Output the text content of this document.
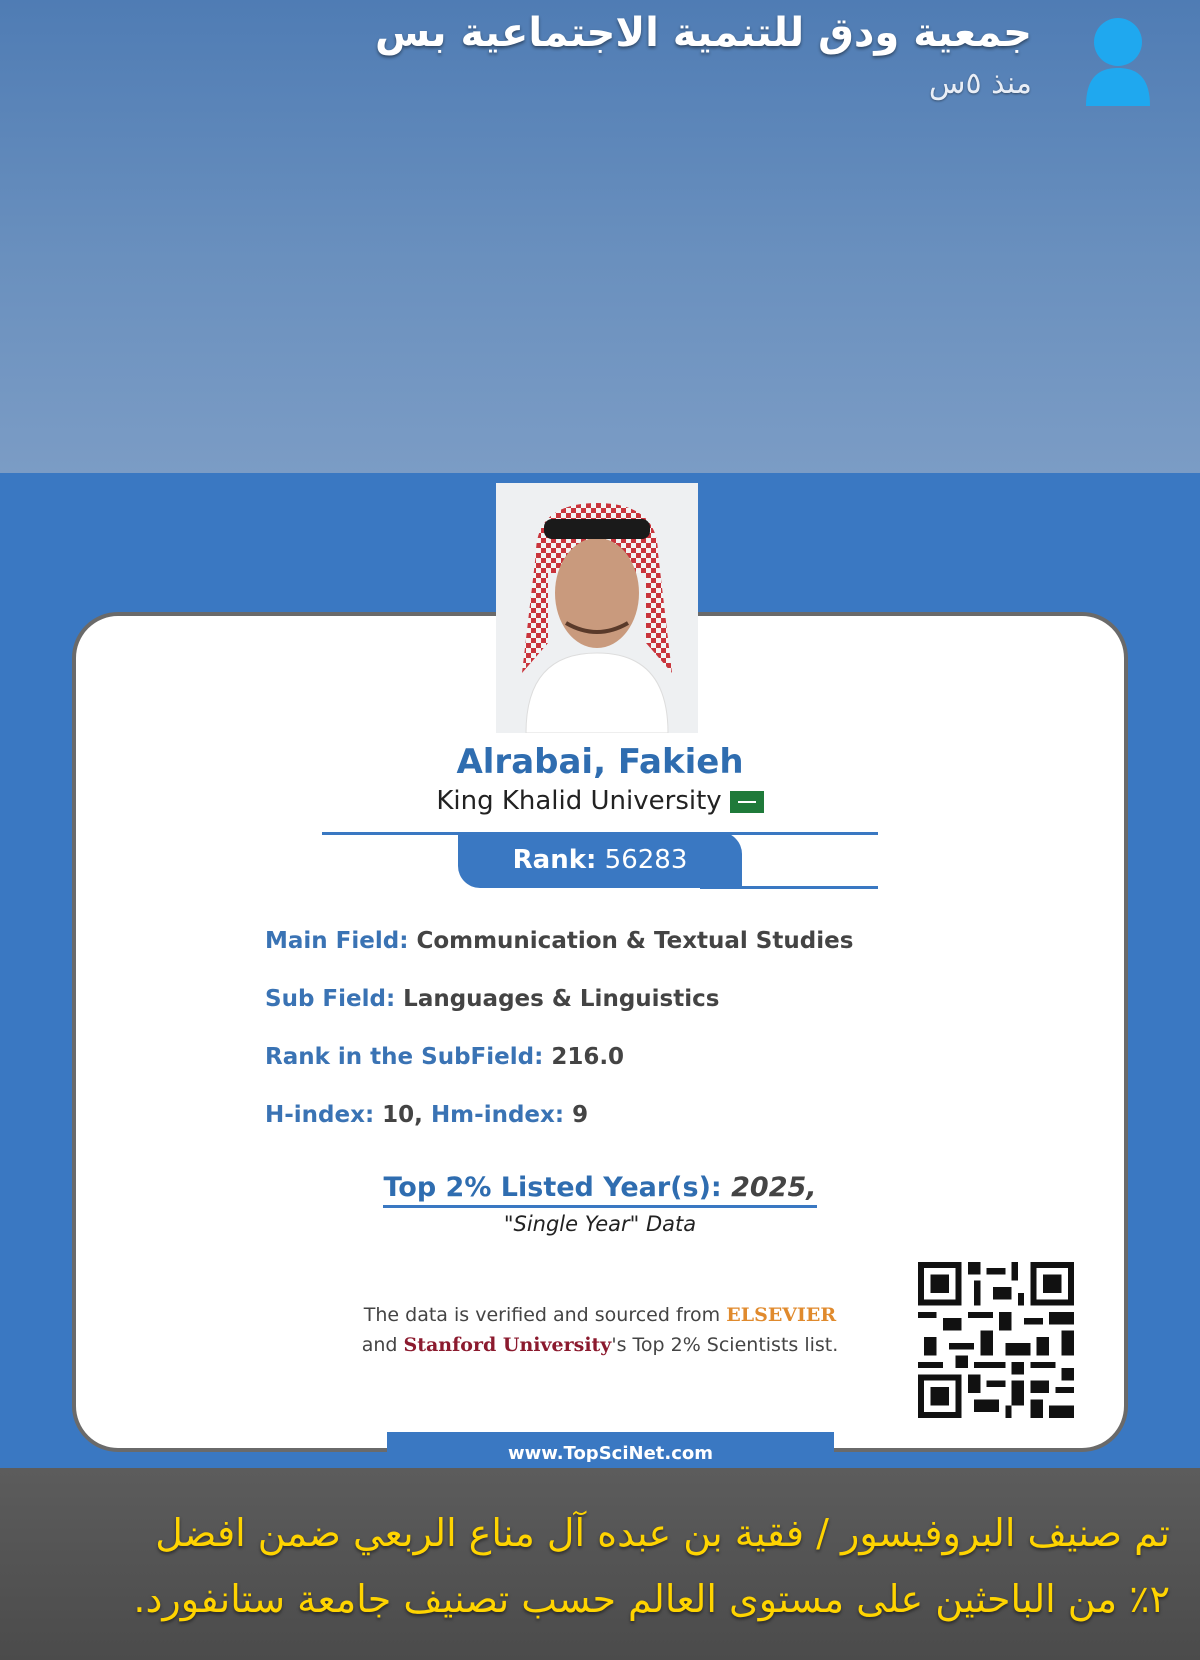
جمعية ودق للتنمية الاجتماعية بس
منذ ٥س
Alrabai, Fakieh
King Khalid University
Rank: 56283
Main Field: Communication & Textual Studies
Sub Field: Languages & Linguistics
Rank in the SubField: 216.0
H-index: 10, Hm-index: 9
Top 2% Listed Year(s): 2025,
"Single Year" Data
The data is verified and sourced from ELSEVIER
and Stanford University's Top 2% Scientists list.
www.TopSciNet.com
تم صنيف البروفيسور / فقية بن عبده آل مناع الربعي ضمن افضل
٢٪ من الباحثين على مستوى العالم حسب تصنيف جامعة ستانفورد.
